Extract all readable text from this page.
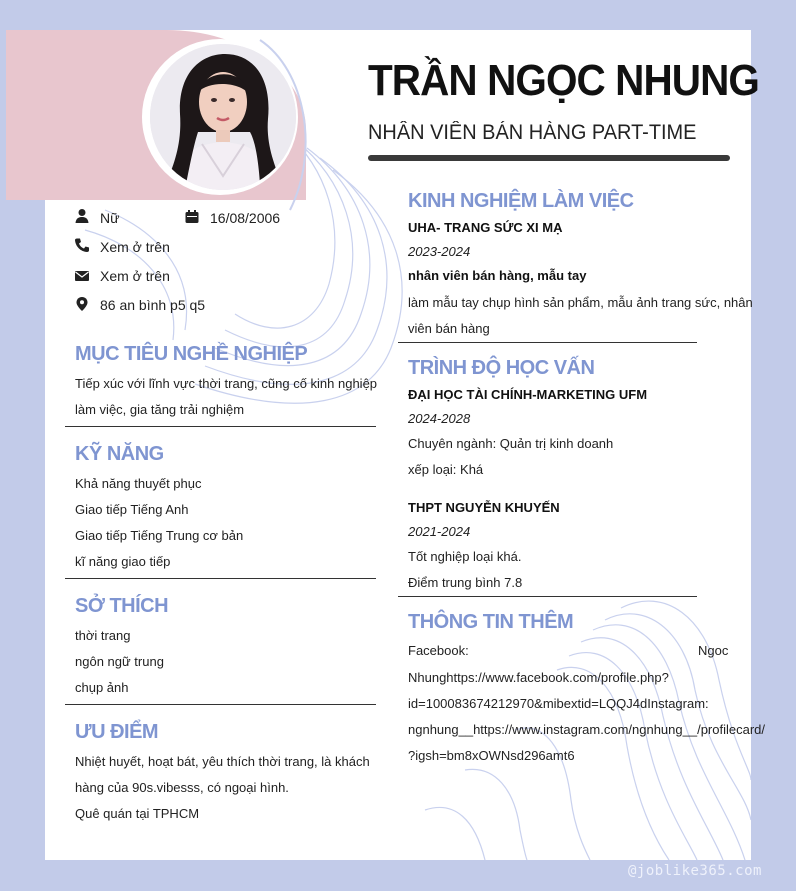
TRẦN NGỌC NHUNG
NHÂN VIÊN BÁN HÀNG PART-TIME
Nữ	16/08/2006
Xem ở trên
Xem ở trên
86 an bình p5 q5
MỤC TIÊU NGHỀ NGHIỆP
Tiếp xúc với lĩnh vực thời trang, cũng cố kinh nghiệp
làm việc, gia tăng trải nghiệm
KỸ NĂNG
Khả năng thuyết phục
Giao tiếp Tiếng Anh
Giao tiếp Tiếng Trung cơ bản
kĩ năng giao tiếp
SỞ THÍCH
thời trang
ngôn ngữ trung
chụp ảnh
ƯU ĐIỂM
Nhiệt huyết, hoạt bát, yêu thích thời trang, là khách
hàng của 90s.vibesss, có ngoại hình.
Quê quán tại TPHCM
KINH NGHIỆM LÀM VIỆC
UHA- TRANG SỨC XI MẠ
2023-2024
nhân viên bán hàng, mẫu tay
làm mẫu tay chụp hình sản phẩm, mẫu ảnh trang sức, nhân
viên bán hàng
TRÌNH ĐỘ HỌC VẤN
ĐẠI HỌC TÀI CHÍNH-MARKETING UFM
2024-2028
Chuyên ngành: Quản trị kinh doanh
xếp loại: Khá
THPT NGUYỄN KHUYẾN
2021-2024
Tốt nghiệp loại khá.
Điểm trung bình 7.8
THÔNG TIN THÊM
Facebook:	Ngoc
Nhunghttps://www.facebook.com/profile.php?
id=100083674212970&mibextid=LQQJ4dInstagram:
ngnhung__https://www.instagram.com/ngnhung__/profilecard/
?igsh=bm8xOWNsd296amt6
@joblike365.com
